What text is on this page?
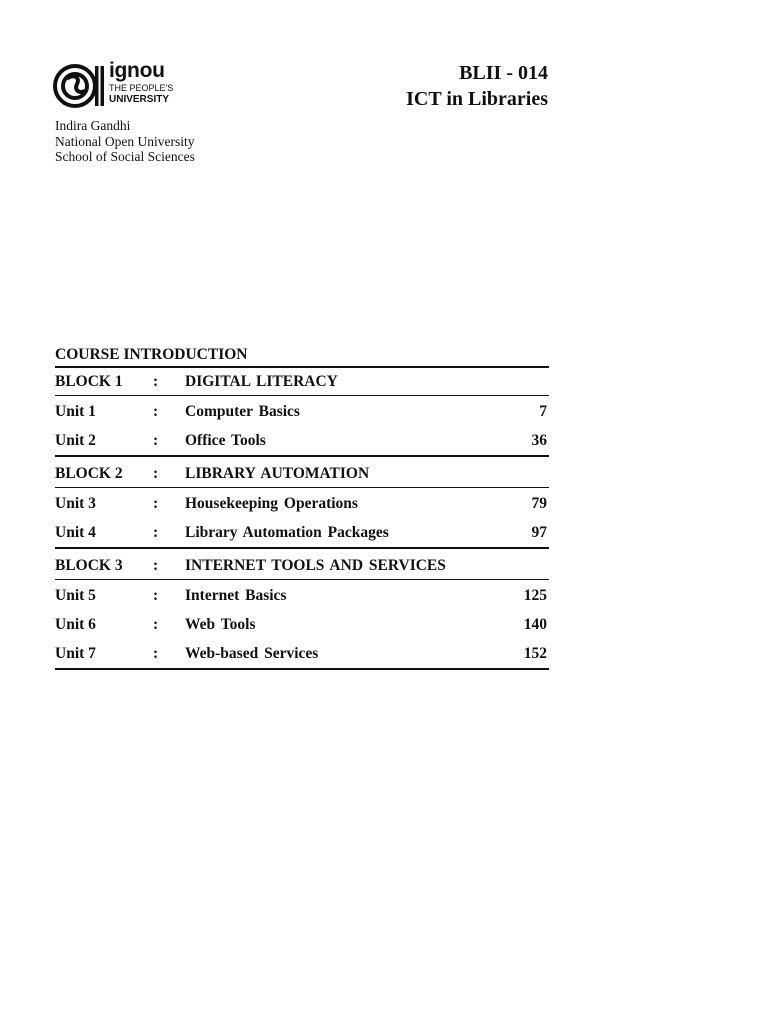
ignou
THE PEOPLE'S
UNIVERSITY
Indira Gandhi
National Open University
School of Social Sciences
BLII - 014
ICT in Libraries
COURSE INTRODUCTION
BLOCK 1	:	DIGITAL LITERACY
Unit 1	:	Computer Basics	7
Unit 2	:	Office Tools	36
BLOCK 2	:	LIBRARY AUTOMATION
Unit 3	:	Housekeeping Operations	79
Unit 4	:	Library Automation Packages	97
BLOCK 3	:	INTERNET TOOLS AND SERVICES
Unit 5	:	Internet Basics	125
Unit 6	:	Web Tools	140
Unit 7	:	Web-based Services	152
